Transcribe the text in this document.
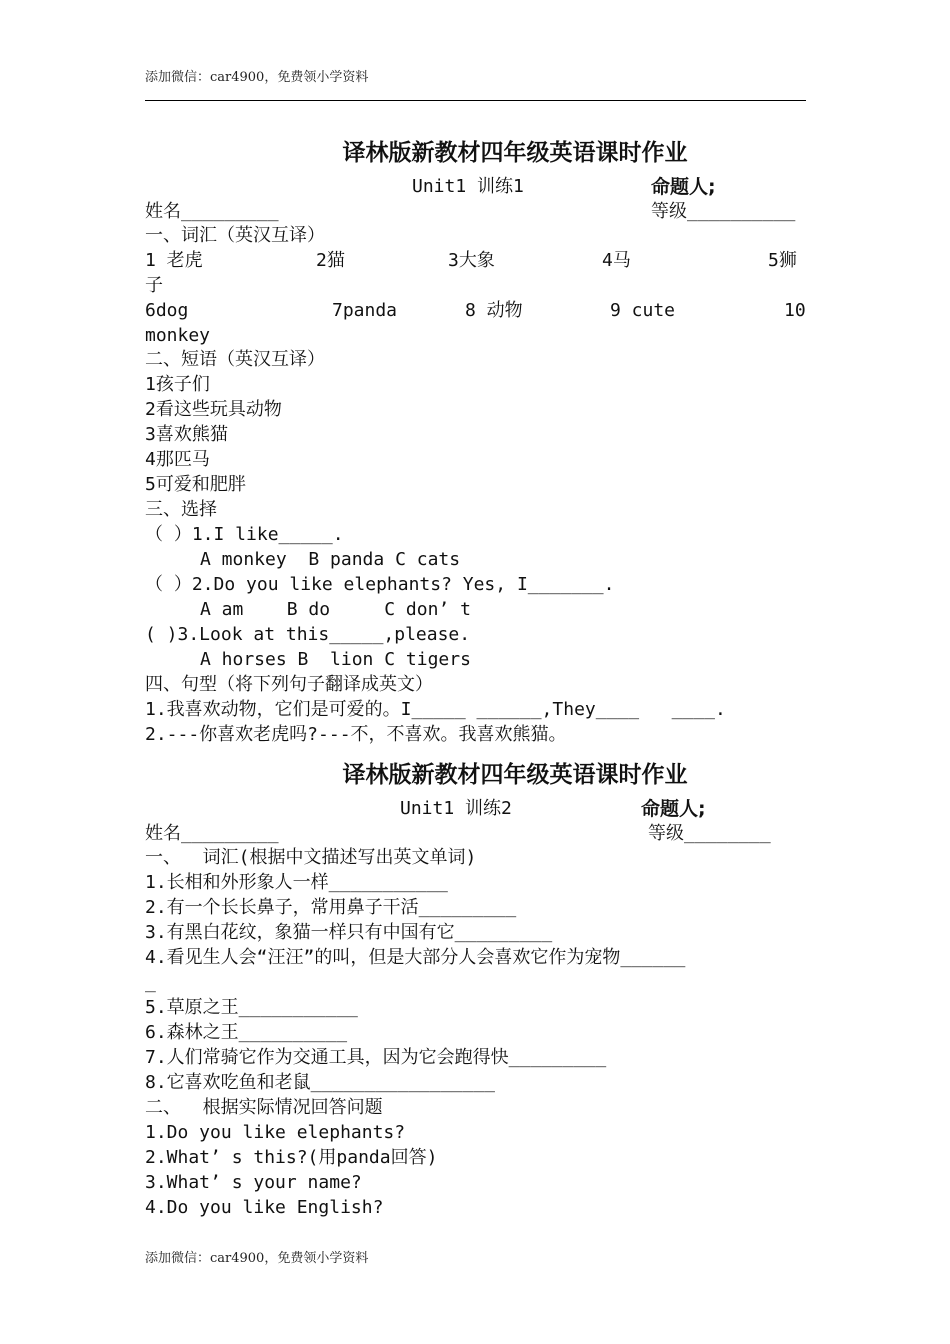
添加微信：car4900，免费领小学资料
译林版新教材四年级英语课时作业
Unit1 训练1	命题人;
姓名_________	等级__________
一、词汇（英汉互译）
1 老虎	2猫	3大象	4马	5狮
子
6dog	7panda	8 动物	9 cute	10
monkey
二、短语（英汉互译）
1孩子们
2看这些玩具动物
3喜欢熊猫
4那匹马
5可爱和肥胖
三、选择
（ ）1.I like_____.
A monkey  B panda C cats
（ ）2.Do you like elephants? Yes, I_______.
A am    B do     C don’ t
( )3.Look at this_____,please.
A horses B  lion C tigers
四、句型（将下列句子翻译成英文）
1.我喜欢动物，它们是可爱的。I_____ ______,They____   ____.
2.---你喜欢老虎吗?---不，不喜欢。我喜欢熊猫。
译林版新教材四年级英语课时作业
Unit1 训练2	命题人;
姓名_________	等级________
一、  词汇(根据中文描述写出英文单词)
1.长相和外形象人一样___________
2.有一个长长鼻子，常用鼻子干活_________
3.有黑白花纹，象猫一样只有中国有它_________
4.看见生人会“汪汪”的叫，但是大部分人会喜欢它作为宠物______
_
5.草原之王___________
6.森林之王__________
7.人们常骑它作为交通工具，因为它会跑得快_________
8.它喜欢吃鱼和老鼠_________________
二、  根据实际情况回答问题
1.Do you like elephants?
2.What’ s this?(用panda回答)
3.What’ s your name?
4.Do you like English?
添加微信：car4900，免费领小学资料
